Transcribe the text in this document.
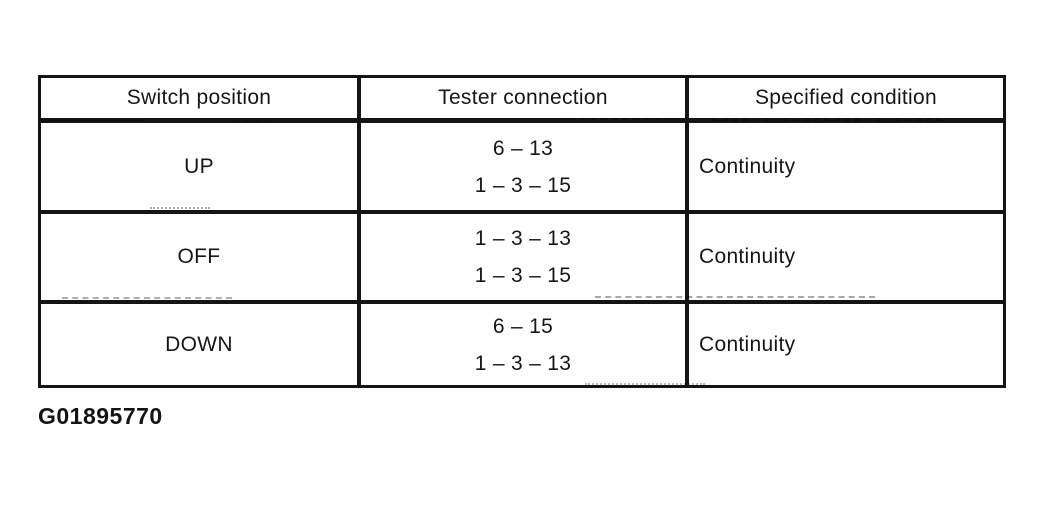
Switch position	Tester connection	Specified condition
UP
6 – 13
1 – 3 – 15
Continuity
OFF
1 – 3 – 13
1 – 3 – 15
Continuity
DOWN
6 – 15
1 – 3 – 13
Continuity
G01895770
